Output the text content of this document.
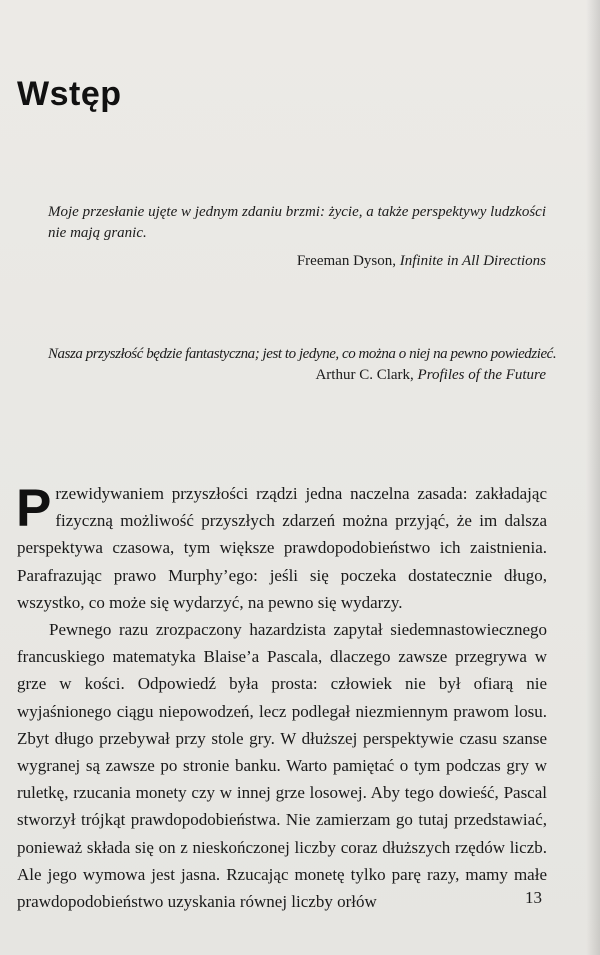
Wstęp

Moje przesłanie ujęte w jednym zdaniu brzmi: życie, a także perspektywy ludzkości nie mają granic.

Freeman Dyson, Infinite in All Directions

Nasza przyszłość będzie fantastyczna; jest to jedyne, co można o niej na pewno powiedzieć.

Arthur C. Clark, Profiles of the Future

Przewidywaniem przyszłości rządzi jedna naczelna zasada: zakładając fizyczną możliwość przyszłych zdarzeń można przyjąć, że im dalsza perspektywa czasowa, tym większe prawdopodobieństwo ich zaistnienia. Parafrazując prawo Murphy’ego: jeśli się poczeka dostatecznie długo, wszystko, co może się wydarzyć, na pewno się wydarzy.

Pewnego razu zrozpaczony hazardzista zapytał siedemnastowiecznego francuskiego matematyka Blaise’a Pascala, dlaczego zawsze przegrywa w grze w kości. Odpowiedź była prosta: człowiek nie był ofiarą nie wyjaśnionego ciągu niepowodzeń, lecz podlegał niezmiennym prawom losu. Zbyt długo przebywał przy stole gry. W dłuższej perspektywie czasu szanse wygranej są zawsze po stronie banku. Warto pamiętać o tym podczas gry w ruletkę, rzucania monety czy w innej grze losowej. Aby tego dowieść, Pascal stworzył trójkąt prawdopodobieństwa. Nie zamierzam go tutaj przedstawiać, ponieważ składa się on z nieskończonej liczby coraz dłuższych rzędów liczb. Ale jego wymowa jest jasna. Rzucając monetę tylko parę razy, mamy małe prawdopodobieństwo uzyskania równej liczby orłów	13
